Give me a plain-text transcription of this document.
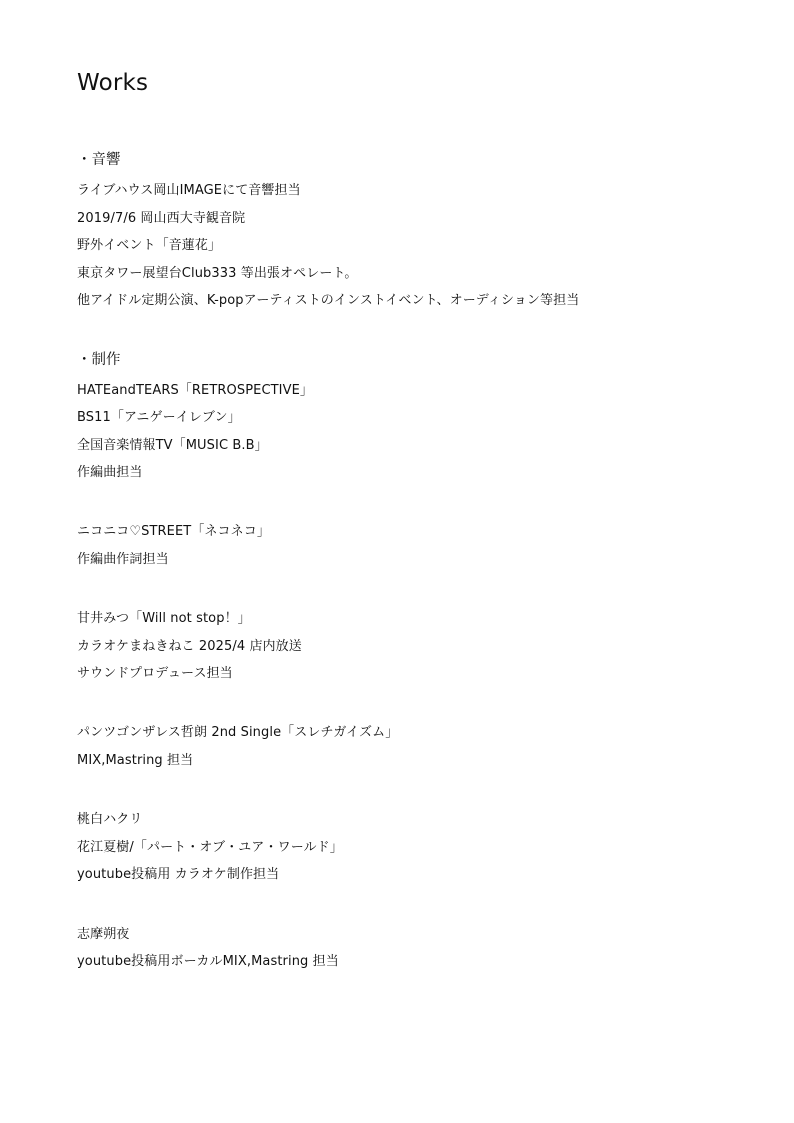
Works

・音響

ライブハウス岡山IMAGEにて音響担当

2019/7/6 岡山西大寺観音院

野外イベント「音蓮花」

東京タワー展望台Club333 等出張オペレート。

他アイドル定期公演、K-popアーティストのインストイベント、オーディション等担当

・制作

HATEandTEARS「RETROSPECTIVE」

BS11「アニゲーイレブン」

全国音楽情報TV「MUSIC B.B」

作編曲担当

ニコニコ♡STREET「ネコネコ」

作編曲作詞担当

甘井みつ「Will not stop！」

カラオケまねきねこ 2025/4 店内放送

サウンドプロデュース担当

パンツゴンザレス哲朗 2nd Single「スレチガイズム」

MIX,Mastring 担当

桃白ハクリ

花江夏樹/「パート・オブ・ユア・ワールド」

youtube投稿用 カラオケ制作担当

志摩朔夜

youtube投稿用ボーカルMIX,Mastring 担当
